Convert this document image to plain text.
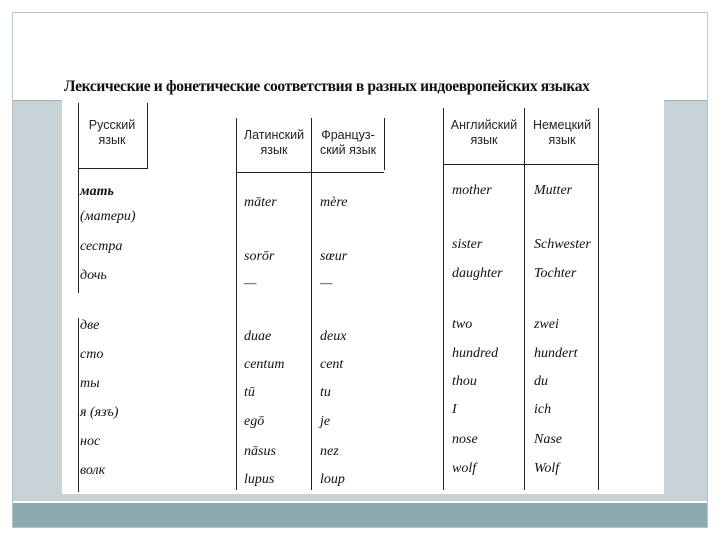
Лексические и фонетические соответствия в разных индоевропейских языках
Русский язык	Латинский язык
Француз- ский язык
Английский язык
Немецкий язык
мать
(матери)
сестра
дочь
две
сто
ты
я (язъ)
нос
волк
māter
sorōr
—
duae
centum
tū
egō
nāsus
lupus
mère
sœur
—
deux
cent
tu
je
nez
loup
mother
sister
daughter
two
hundred
thou
I
nose
wolf
Mutter
Schwester
Tochter
zwei
hundert
du
ich
Nase
Wolf
